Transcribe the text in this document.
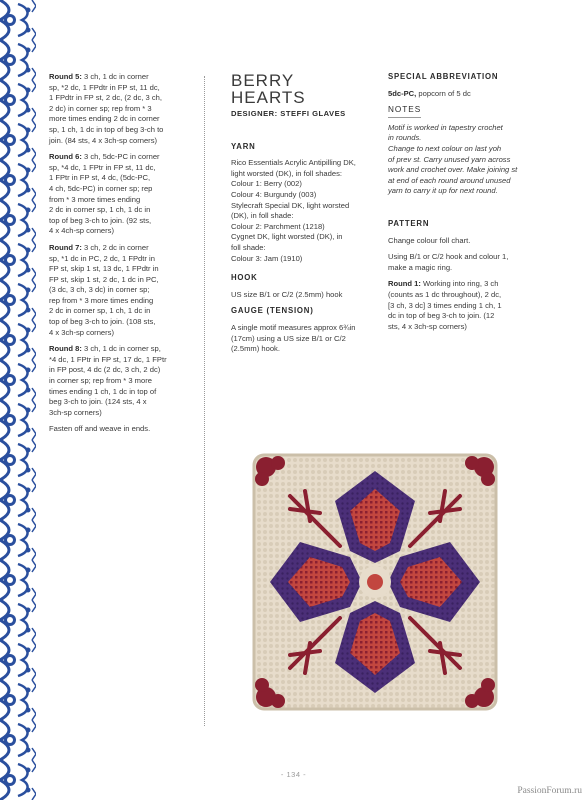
Round 5: 3 ch, 1 dc in corner
sp, *2 dc, 1 FPdtr in FP st, 11 dc,
1 FPdtr in FP st, 2 dc, (2 dc, 3 ch,
2 dc) in corner sp; rep from * 3
more times ending 2 dc in corner
sp, 1 ch, 1 dc in top of beg 3-ch to
join. (84 sts, 4 x 3ch-sp corners)

Round 6: 3 ch, 5dc-PC in corner
sp, *4 dc, 1 FPtr in FP st, 11 dc,
1 FPtr in FP st, 4 dc, (5dc-PC,
4 ch, 5dc-PC) in corner sp; rep
from * 3 more times ending
2 dc in corner sp, 1 ch, 1 dc in
top of beg 3-ch to join. (92 sts,
4 x 4ch-sp corners)

Round 7: 3 ch, 2 dc in corner
sp, *1 dc in PC, 2 dc, 1 FPdtr in
FP st, skip 1 st, 13 dc, 1 FPdtr in
FP st, skip 1 st, 2 dc, 1 dc in PC,
(3 dc, 3 ch, 3 dc) in corner sp;
rep from * 3 more times ending
2 dc in corner sp, 1 ch, 1 dc in
top of beg 3-ch to join. (108 sts,
4 x 3ch-sp corners)

Round 8: 3 ch, 1 dc in corner sp,
*4 dc, 1 FPtr in FP st, 17 dc, 1 FPtr
in FP post, 4 dc (2 dc, 3 ch, 2 dc)
in corner sp; rep from * 3 more
times ending 1 ch, 1 dc in top of
beg 3-ch to join. (124 sts, 4 x
3ch-sp corners)

Fasten off and weave in ends.

BERRY
HEARTS
DESIGNER: STEFFI GLAVES
YARN
Rico Essentials Acrylic Antipilling DK,
light worsted (DK), in foll shades:
Colour 1: Berry (002)
Colour 4: Burgundy (003)
Stylecraft Special DK, light worsted
(DK), in foll shade:
Colour 2: Parchment (1218)
Cygnet DK, light worsted (DK), in
foll shade:
Colour 3: Jam (1910)
HOOK

US size B/1 or C/2 (2.5mm) hook

GAUGE (TENSION)
A single motif measures approx 6¾in
(17cm) using a US size B/1 or C/2
(2.5mm) hook.
SPECIAL ABBREVIATION

5dc-PC, popcorn of 5 dc

NOTES
Motif is worked in tapestry crochet
in rounds.
Change to next colour on last yoh
of prev st. Carry unused yarn across
work and crochet over. Make joining st
at end of each round around unused
yarn to carry it up for next round.
PATTERN

Change colour foll chart.

Using B/1 or C/2 hook and colour 1,
make a magic ring.

Round 1: Working into ring, 3 ch
(counts as 1 dc throughout), 2 dc,
[3 ch, 3 dc] 3 times ending 1 ch, 1
dc in top of beg 3-ch to join. (12
sts, 4 x 3ch-sp corners)

- 134 -
PassionForum.ru
